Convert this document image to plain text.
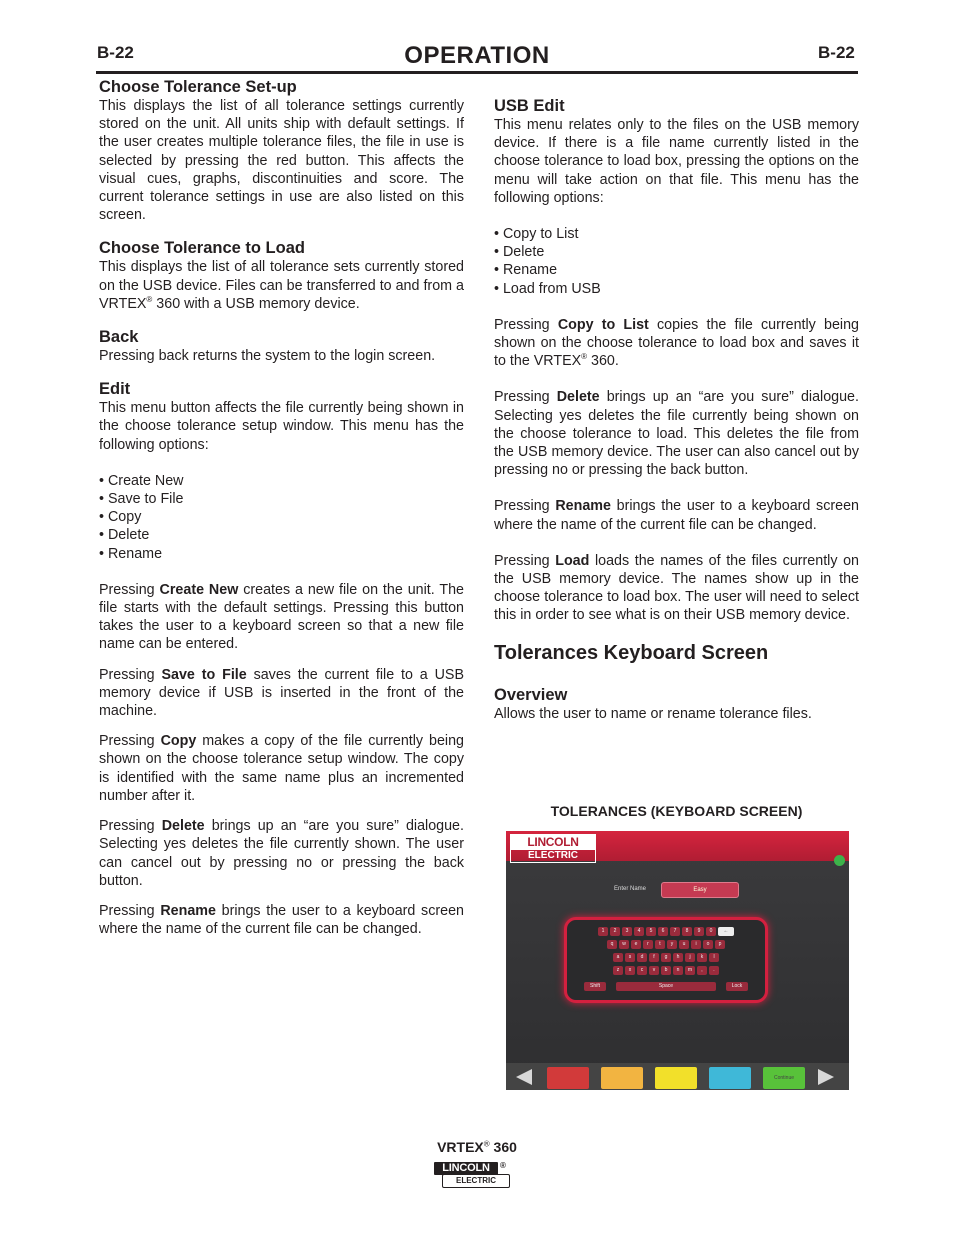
B-22	B-22
OPERATION
Choose Tolerance Set-up

This displays the list of all tolerance settings currently stored on the unit. All units ship with default settings. If the user creates multiple tolerance files, the file in use is selected by pressing the red button. This affects the visual cues, graphs, discontinuities and score. The current tolerance settings in use are also listed on this screen.

Choose Tolerance to Load

This displays the list of all tolerance sets currently stored on the USB device. Files can be transferred to and from a VRTEX® 360 with a USB memory device.

Back

Pressing back returns the system to the login screen.

Edit

This menu button affects the file currently being shown in the choose tolerance setup window. This menu has the following options:

• Create New
• Save to File
• Copy
• Delete
• Rename

Pressing Create New creates a new file on the unit. The file starts with the default settings. Pressing this button takes the user to a keyboard screen so that a new file name can be entered.

Pressing Save to File saves the current file to a USB memory device if USB is inserted in the front of the machine.

Pressing Copy makes a copy of the file currently being shown on the choose tolerance setup window. The copy is identified with the same name plus an incremented number after it.

Pressing Delete brings up an “are you sure” dialogue. Selecting yes deletes the file currently shown. The user can cancel out by pressing no or pressing the back button.

Pressing Rename brings the user to a keyboard screen where the name of the current file can be changed.

USB Edit

This menu relates only to the files on the USB memory device. If there is a file name currently listed in the choose tolerance to load box, pressing the options on the menu will take action on that file. This menu has the following options:

• Copy to List
• Delete
• Rename
• Load from USB

Pressing Copy to List copies the file currently being shown on the choose tolerance to load box and saves it to the VRTEX® 360.

Pressing Delete brings up an “are you sure” dialogue. Selecting yes deletes the file currently being shown on the choose tolerance to load. This deletes the file from the USB memory device. The user can also cancel out by pressing no or pressing the back button.

Pressing Rename brings the user to a keyboard screen where the name of the current file can be changed.

Pressing Load loads the names of the files currently on the USB memory device. The names show up in the choose tolerance to load box. The user will need to select this in order to see what is on their USB memory device.

Tolerances Keyboard Screen
Overview

Allows the user to name or rename tolerance files.

TOLERANCES (KEYBOARD SCREEN)
LINCOLN
ELECTRIC
Enter Name	Easy
1	2	3	4	5	6	7	8	9	0	←
q	w	e	r	t	y	u	i	o	p
a	s	d	f	g	h	j	k	l
z	x	c	v	b	n	m	,	.
Shift	Space	Lock
Continue
VRTEX® 360
LINCOLN	®
ELECTRIC
